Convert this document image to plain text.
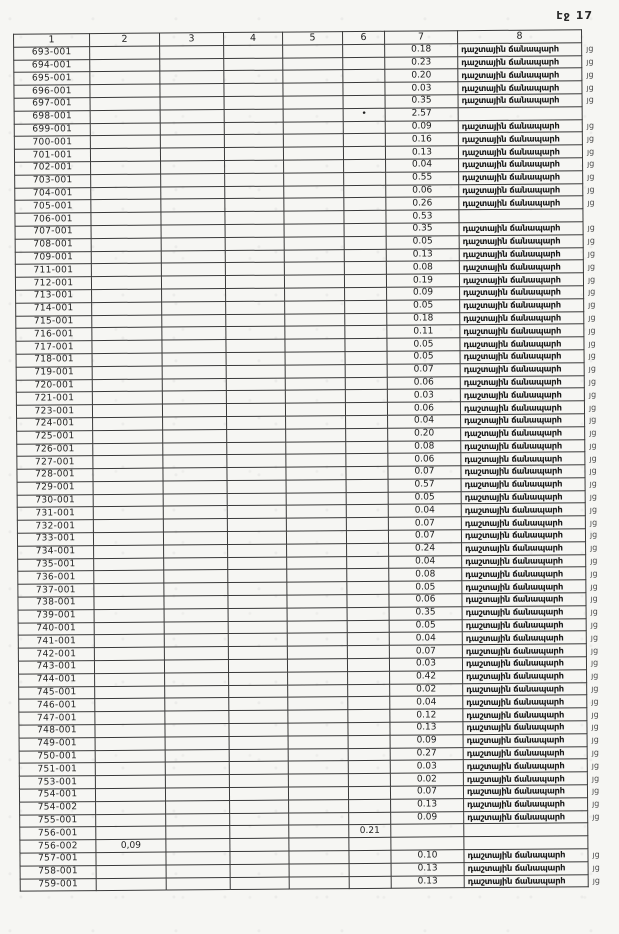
էջ 17
1	2	3	4	5	6	7	8	
693-001						0.18	դաշտային ճանապարհ	յց
694-001						0.23	դաշտային ճանապարհ	յց
695-001						0.20	դաշտային ճանապարհ	յց
696-001						0.03	դաշտային ճանապարհ	յց
697-001						0.35	դաշտային ճանապարհ	յց
698-001					•	2.57		
699-001						0.09	դաշտային ճանապարհ	յց
700-001						0.16	դաշտային ճանապարհ	յց
701-001						0.13	դաշտային ճանապարհ	յց
702-001						0.04	դաշտային ճանապարհ	յց
703-001						0.55	դաշտային ճանապարհ	յց
704-001						0.06	դաշտային ճանապարհ	յց
705-001						0.26	դաշտային ճանապարհ	յց
706-001						0.53		
707-001						0.35	դաշտային ճանապարհ	յց
708-001						0.05	դաշտային ճանապարհ	յց
709-001						0.13	դաշտային ճանապարհ	յց
711-001						0.08	դաշտային ճանապարհ	յց
712-001						0.19	դաշտային ճանապարհ	յց
713-001						0.09	դաշտային ճանապարհ	յց
714-001						0.05	դաշտային ճանապարհ	յց
715-001						0.18	դաշտային ճանապարհ	յց
716-001						0.11	դաշտային ճանապարհ	յց
717-001						0.05	դաշտային ճանապարհ	յց
718-001						0.05	դաշտային ճանապարհ	յց
719-001						0.07	դաշտային ճանապարհ	յց
720-001						0.06	դաշտային ճանապարհ	յց
721-001						0.03	դաշտային ճանապարհ	յց
723-001						0.06	դաշտային ճանապարհ	յց
724-001						0.04	դաշտային ճանապարհ	յց
725-001						0.20	դաշտային ճանապարհ	յց
726-001						0.08	դաշտային ճանապարհ	յց
727-001						0.06	դաշտային ճանապարհ	յց
728-001						0.07	դաշտային ճանապարհ	յց
729-001						0.57	դաշտային ճանապարհ	յց
730-001						0.05	դաշտային ճանապարհ	յց
731-001						0.04	դաշտային ճանապարհ	յց
732-001						0.07	դաշտային ճանապարհ	յց
733-001						0.07	դաշտային ճանապարհ	յց
734-001						0.24	դաշտային ճանապարհ	յց
735-001						0.04	դաշտային ճանապարհ	յց
736-001						0.08	դաշտային ճանապարհ	յց
737-001						0.05	դաշտային ճանապարհ	յց
738-001						0.06	դաշտային ճանապարհ	յց
739-001						0.35	դաշտային ճանապարհ	յց
740-001						0.05	դաշտային ճանապարհ	յց
741-001						0.04	դաշտային ճանապարհ	յց
742-001						0.07	դաշտային ճանապարհ	յց
743-001						0.03	դաշտային ճանապարհ	յց
744-001						0.42	դաշտային ճանապարհ	յց
745-001						0.02	դաշտային ճանապարհ	յց
746-001						0.04	դաշտային ճանապարհ	յց
747-001						0.12	դաշտային ճանապարհ	յց
748-001						0.13	դաշտային ճանապարհ	յց
749-001						0.09	դաշտային ճանապարհ	յց
750-001						0.27	դաշտային ճանապարհ	յց
751-001						0.03	դաշտային ճանապարհ	յց
753-001						0.02	դաշտային ճանապարհ	յց
754-001						0.07	դաշտային ճանապարհ	յց
754-002						0.13	դաշտային ճանապարհ	յց
755-001						0.09	դաշտային ճանապարհ	յց
756-001					0.21			
756-002	0,09							
757-001						0.10	դաշտային ճանապարհ	յց
758-001						0.13	դաշտային ճանապարհ	յց
759-001						0.13	դաշտային ճանապարհ	յց
